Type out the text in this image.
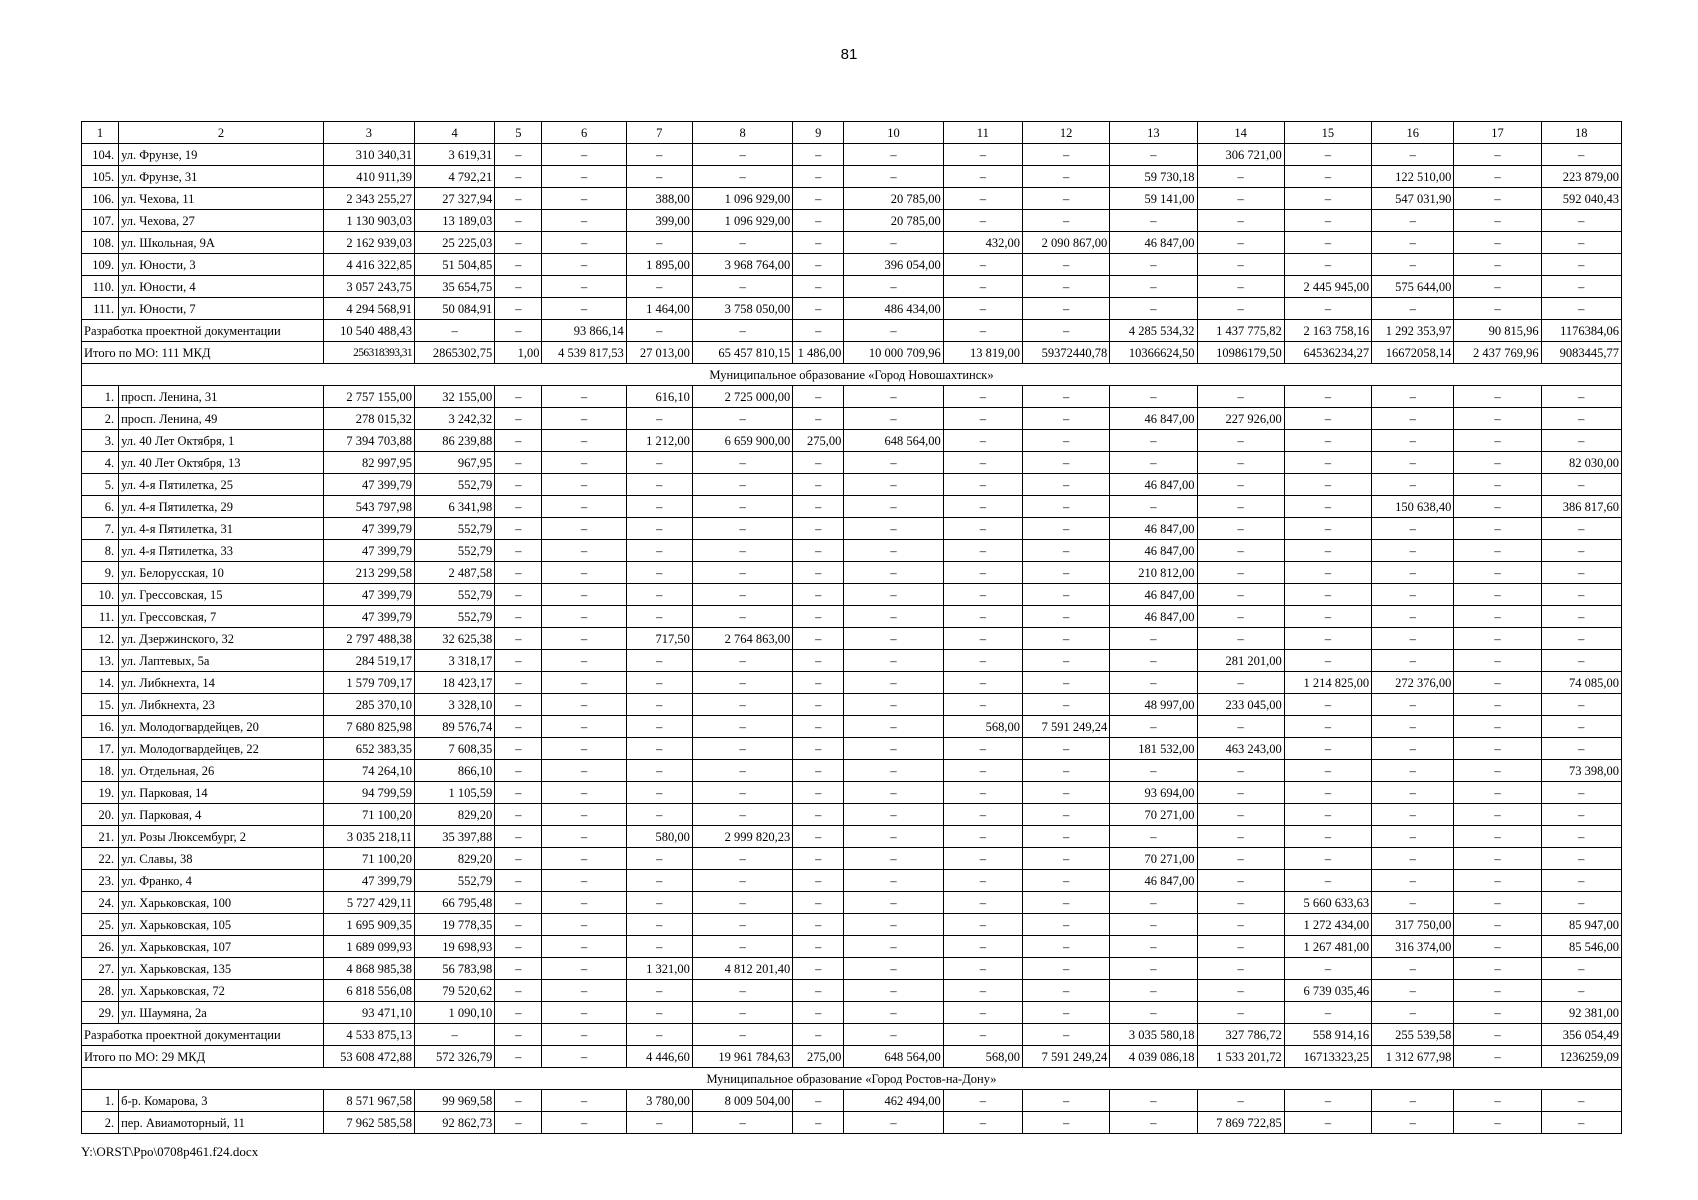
81
1	2	3	4	5	6	7	8	9	10	11	12	13	14	15	16	17	18
104.	ул. Фрунзе, 19	310 340,31	3 619,31	–	–	–	–	–	–	–	–	–	306 721,00	–	–	–	–
105.	ул. Фрунзе, 31	410 911,39	4 792,21	–	–	–	–	–	–	–	–	59 730,18	–	–	122 510,00	–	223 879,00
106.	ул. Чехова, 11	2 343 255,27	27 327,94	–	–	388,00	1 096 929,00	–	20 785,00	–	–	59 141,00	–	–	547 031,90	–	592 040,43
107.	ул. Чехова, 27	1 130 903,03	13 189,03	–	–	399,00	1 096 929,00	–	20 785,00	–	–	–	–	–	–	–	–
108.	ул. Школьная, 9А	2 162 939,03	25 225,03	–	–	–	–	–	–	432,00	2 090 867,00	46 847,00	–	–	–	–	–
109.	ул. Юности, 3	4 416 322,85	51 504,85	–	–	1 895,00	3 968 764,00	–	396 054,00	–	–	–	–	–	–	–	–
110.	ул. Юности, 4	3 057 243,75	35 654,75	–	–	–	–	–	–	–	–	–	–	2 445 945,00	575 644,00	–	–
111.	ул. Юности, 7	4 294 568,91	50 084,91	–	–	1 464,00	3 758 050,00	–	486 434,00	–	–	–	–	–	–	–	–
Разработка проектной документации		10 540 488,43	–	–	93 866,14	–	–	–	–	–	–	4 285 534,32	1 437 775,82	2 163 758,16	1 292 353,97	90 815,96	1176384,06
Итого по МО: 111 МКД		256318393,31	2865302,75	1,00	4 539 817,53	27 013,00	65 457 810,15	1 486,00	10 000 709,96	13 819,00	59372440,78	10366624,50	10986179,50	64536234,27	16672058,14	2 437 769,96	9083445,77
Муниципальное образование «Город Новошахтинск»																	
1.	просп. Ленина, 31	2 757 155,00	32 155,00	–	–	616,10	2 725 000,00	–	–	–	–	–	–	–	–	–	–
2.	просп. Ленина, 49	278 015,32	3 242,32	–	–	–	–	–	–	–	–	46 847,00	227 926,00	–	–	–	–
3.	ул. 40 Лет Октября, 1	7 394 703,88	86 239,88	–	–	1 212,00	6 659 900,00	275,00	648 564,00	–	–	–	–	–	–	–	–
4.	ул. 40 Лет Октября, 13	82 997,95	967,95	–	–	–	–	–	–	–	–	–	–	–	–	–	82 030,00
5.	ул. 4-я Пятилетка, 25	47 399,79	552,79	–	–	–	–	–	–	–	–	46 847,00	–	–	–	–	–
6.	ул. 4-я Пятилетка, 29	543 797,98	6 341,98	–	–	–	–	–	–	–	–	–	–	–	150 638,40	–	386 817,60
7.	ул. 4-я Пятилетка, 31	47 399,79	552,79	–	–	–	–	–	–	–	–	46 847,00	–	–	–	–	–
8.	ул. 4-я Пятилетка, 33	47 399,79	552,79	–	–	–	–	–	–	–	–	46 847,00	–	–	–	–	–
9.	ул. Белорусская, 10	213 299,58	2 487,58	–	–	–	–	–	–	–	–	210 812,00	–	–	–	–	–
10.	ул. Грессовская, 15	47 399,79	552,79	–	–	–	–	–	–	–	–	46 847,00	–	–	–	–	–
11.	ул. Грессовская, 7	47 399,79	552,79	–	–	–	–	–	–	–	–	46 847,00	–	–	–	–	–
12.	ул. Дзержинского, 32	2 797 488,38	32 625,38	–	–	717,50	2 764 863,00	–	–	–	–	–	–	–	–	–	–
13.	ул. Лаптевых, 5а	284 519,17	3 318,17	–	–	–	–	–	–	–	–	–	281 201,00	–	–	–	–
14.	ул. Либкнехта, 14	1 579 709,17	18 423,17	–	–	–	–	–	–	–	–	–	–	1 214 825,00	272 376,00	–	74 085,00
15.	ул. Либкнехта, 23	285 370,10	3 328,10	–	–	–	–	–	–	–	–	48 997,00	233 045,00	–	–	–	–
16.	ул. Молодогвардейцев, 20	7 680 825,98	89 576,74	–	–	–	–	–	–	568,00	7 591 249,24	–	–	–	–	–	–
17.	ул. Молодогвардейцев, 22	652 383,35	7 608,35	–	–	–	–	–	–	–	–	181 532,00	463 243,00	–	–	–	–
18.	ул. Отдельная, 26	74 264,10	866,10	–	–	–	–	–	–	–	–	–	–	–	–	–	73 398,00
19.	ул. Парковая, 14	94 799,59	1 105,59	–	–	–	–	–	–	–	–	93 694,00	–	–	–	–	–
20.	ул. Парковая, 4	71 100,20	829,20	–	–	–	–	–	–	–	–	70 271,00	–	–	–	–	–
21.	ул. Розы Люксембург, 2	3 035 218,11	35 397,88	–	–	580,00	2 999 820,23	–	–	–	–	–	–	–	–	–	–
22.	ул. Славы, 38	71 100,20	829,20	–	–	–	–	–	–	–	–	70 271,00	–	–	–	–	–
23.	ул. Франко, 4	47 399,79	552,79	–	–	–	–	–	–	–	–	46 847,00	–	–	–	–	–
24.	ул. Харьковская, 100	5 727 429,11	66 795,48	–	–	–	–	–	–	–	–	–	–	5 660 633,63	–	–	–
25.	ул. Харьковская, 105	1 695 909,35	19 778,35	–	–	–	–	–	–	–	–	–	–	1 272 434,00	317 750,00	–	85 947,00
26.	ул. Харьковская, 107	1 689 099,93	19 698,93	–	–	–	–	–	–	–	–	–	–	1 267 481,00	316 374,00	–	85 546,00
27.	ул. Харьковская, 135	4 868 985,38	56 783,98	–	–	1 321,00	4 812 201,40	–	–	–	–	–	–	–	–	–	–
28.	ул. Харьковская, 72	6 818 556,08	79 520,62	–	–	–	–	–	–	–	–	–	–	6 739 035,46	–	–	–
29.	ул. Шаумяна, 2а	93 471,10	1 090,10	–	–	–	–	–	–	–	–	–	–	–	–	–	92 381,00
Разработка проектной документации		4 533 875,13	–	–	–	–	–	–	–	–	–	3 035 580,18	327 786,72	558 914,16	255 539,58	–	356 054,49
Итого по МО: 29 МКД		53 608 472,88	572 326,79	–	–	4 446,60	19 961 784,63	275,00	648 564,00	568,00	7 591 249,24	4 039 086,18	1 533 201,72	16713323,25	1 312 677,98	–	1236259,09
Муниципальное образование «Город Ростов-на-Дону»																	
1.	б-р. Комарова, 3	8 571 967,58	99 969,58	–	–	3 780,00	8 009 504,00	–	462 494,00	–	–	–	–	–	–	–	–
2.	пер. Авиамоторный, 11	7 962 585,58	92 862,73	–	–	–	–	–	–	–	–	–	7 869 722,85	–	–	–	–
Y:\ORST\Ppo\0708p461.f24.docx
